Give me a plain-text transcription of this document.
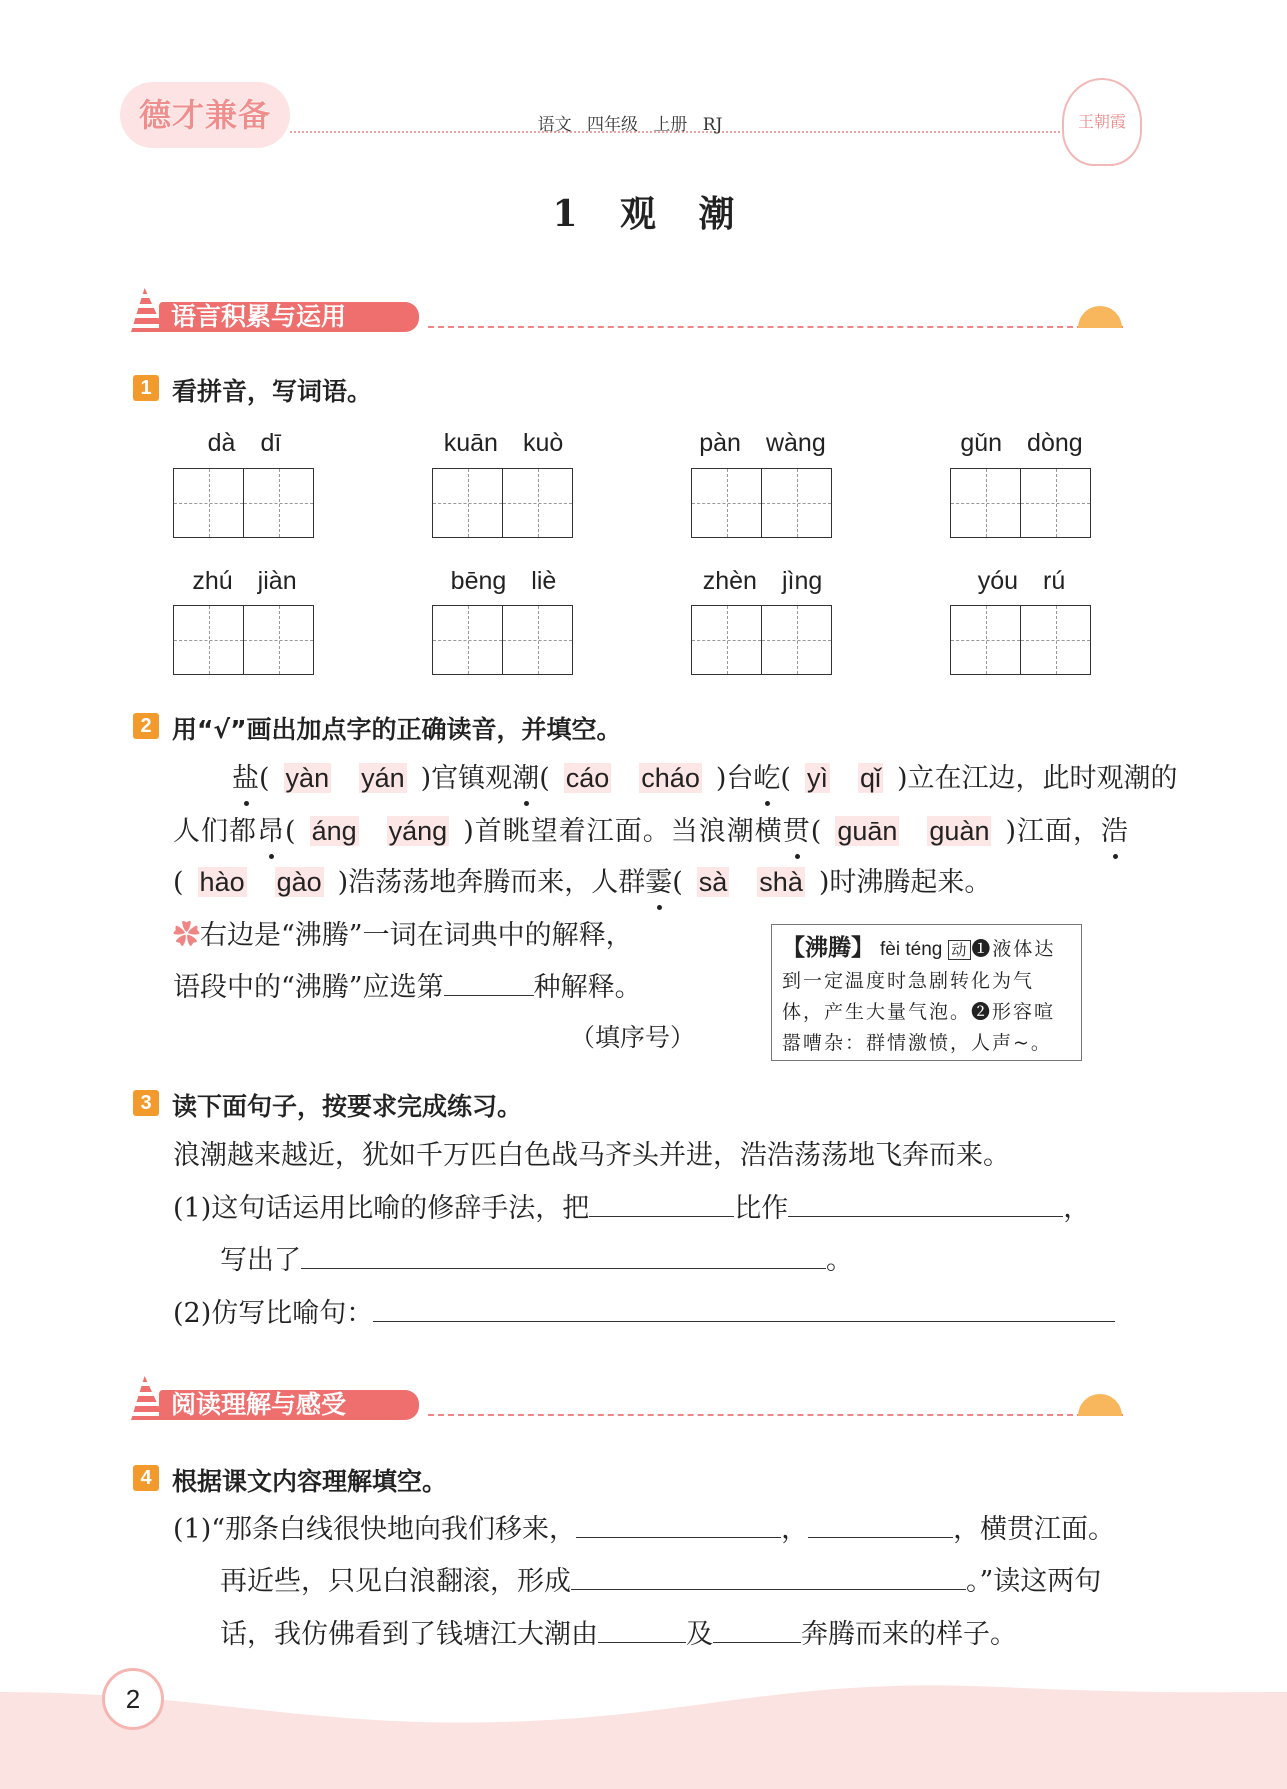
德才兼备	语文 四年级 上册 RJ	王朝霞
1 观 潮
语言积累与运用
1 看拼音，写词语。
dà　dī	kuān　kuò	pàn　wàng	gǔn　dòng
zhú　jiàn	bēng　liè	zhèn　jìng	yóu　rú
2 用“√”画出加点字的正确读音，并填空。
盐( yàn yán )官镇观潮( cáo cháo )台屹( yì qǐ )立在江边，此时观潮的
人们都昂( áng yáng )首眺望着江面。当浪潮横贯( guān guàn )江面，浩
( hào gào )浩荡荡地奔腾而来，人群霎( sà shà )时沸腾起来。
✿右边是“沸腾”一词在词典中的解释，
语段中的“沸腾”应选第	种解释。
（填序号）
【沸腾】 fèi téng 动 ❶液体达到一定温度时急剧转化为气体，产生大量气泡。❷形容喧嚣嘈杂：群情激愤，人声~。
3 读下面句子，按要求完成练习。
浪潮越来越近，犹如千万匹白色战马齐头并进，浩浩荡荡地飞奔而来。
(1)这句话运用比喻的修辞手法，把	比作	，
写出了	。
(2)仿写比喻句：
阅读理解与感受
4 根据课文内容理解填空。
(1)“那条白线很快地向我们移来，	，	，横贯江面。
再近些，只见白浪翻滚，形成	。”读这两句
话，我仿佛看到了钱塘江大潮由	及	奔腾而来的样子。
2
